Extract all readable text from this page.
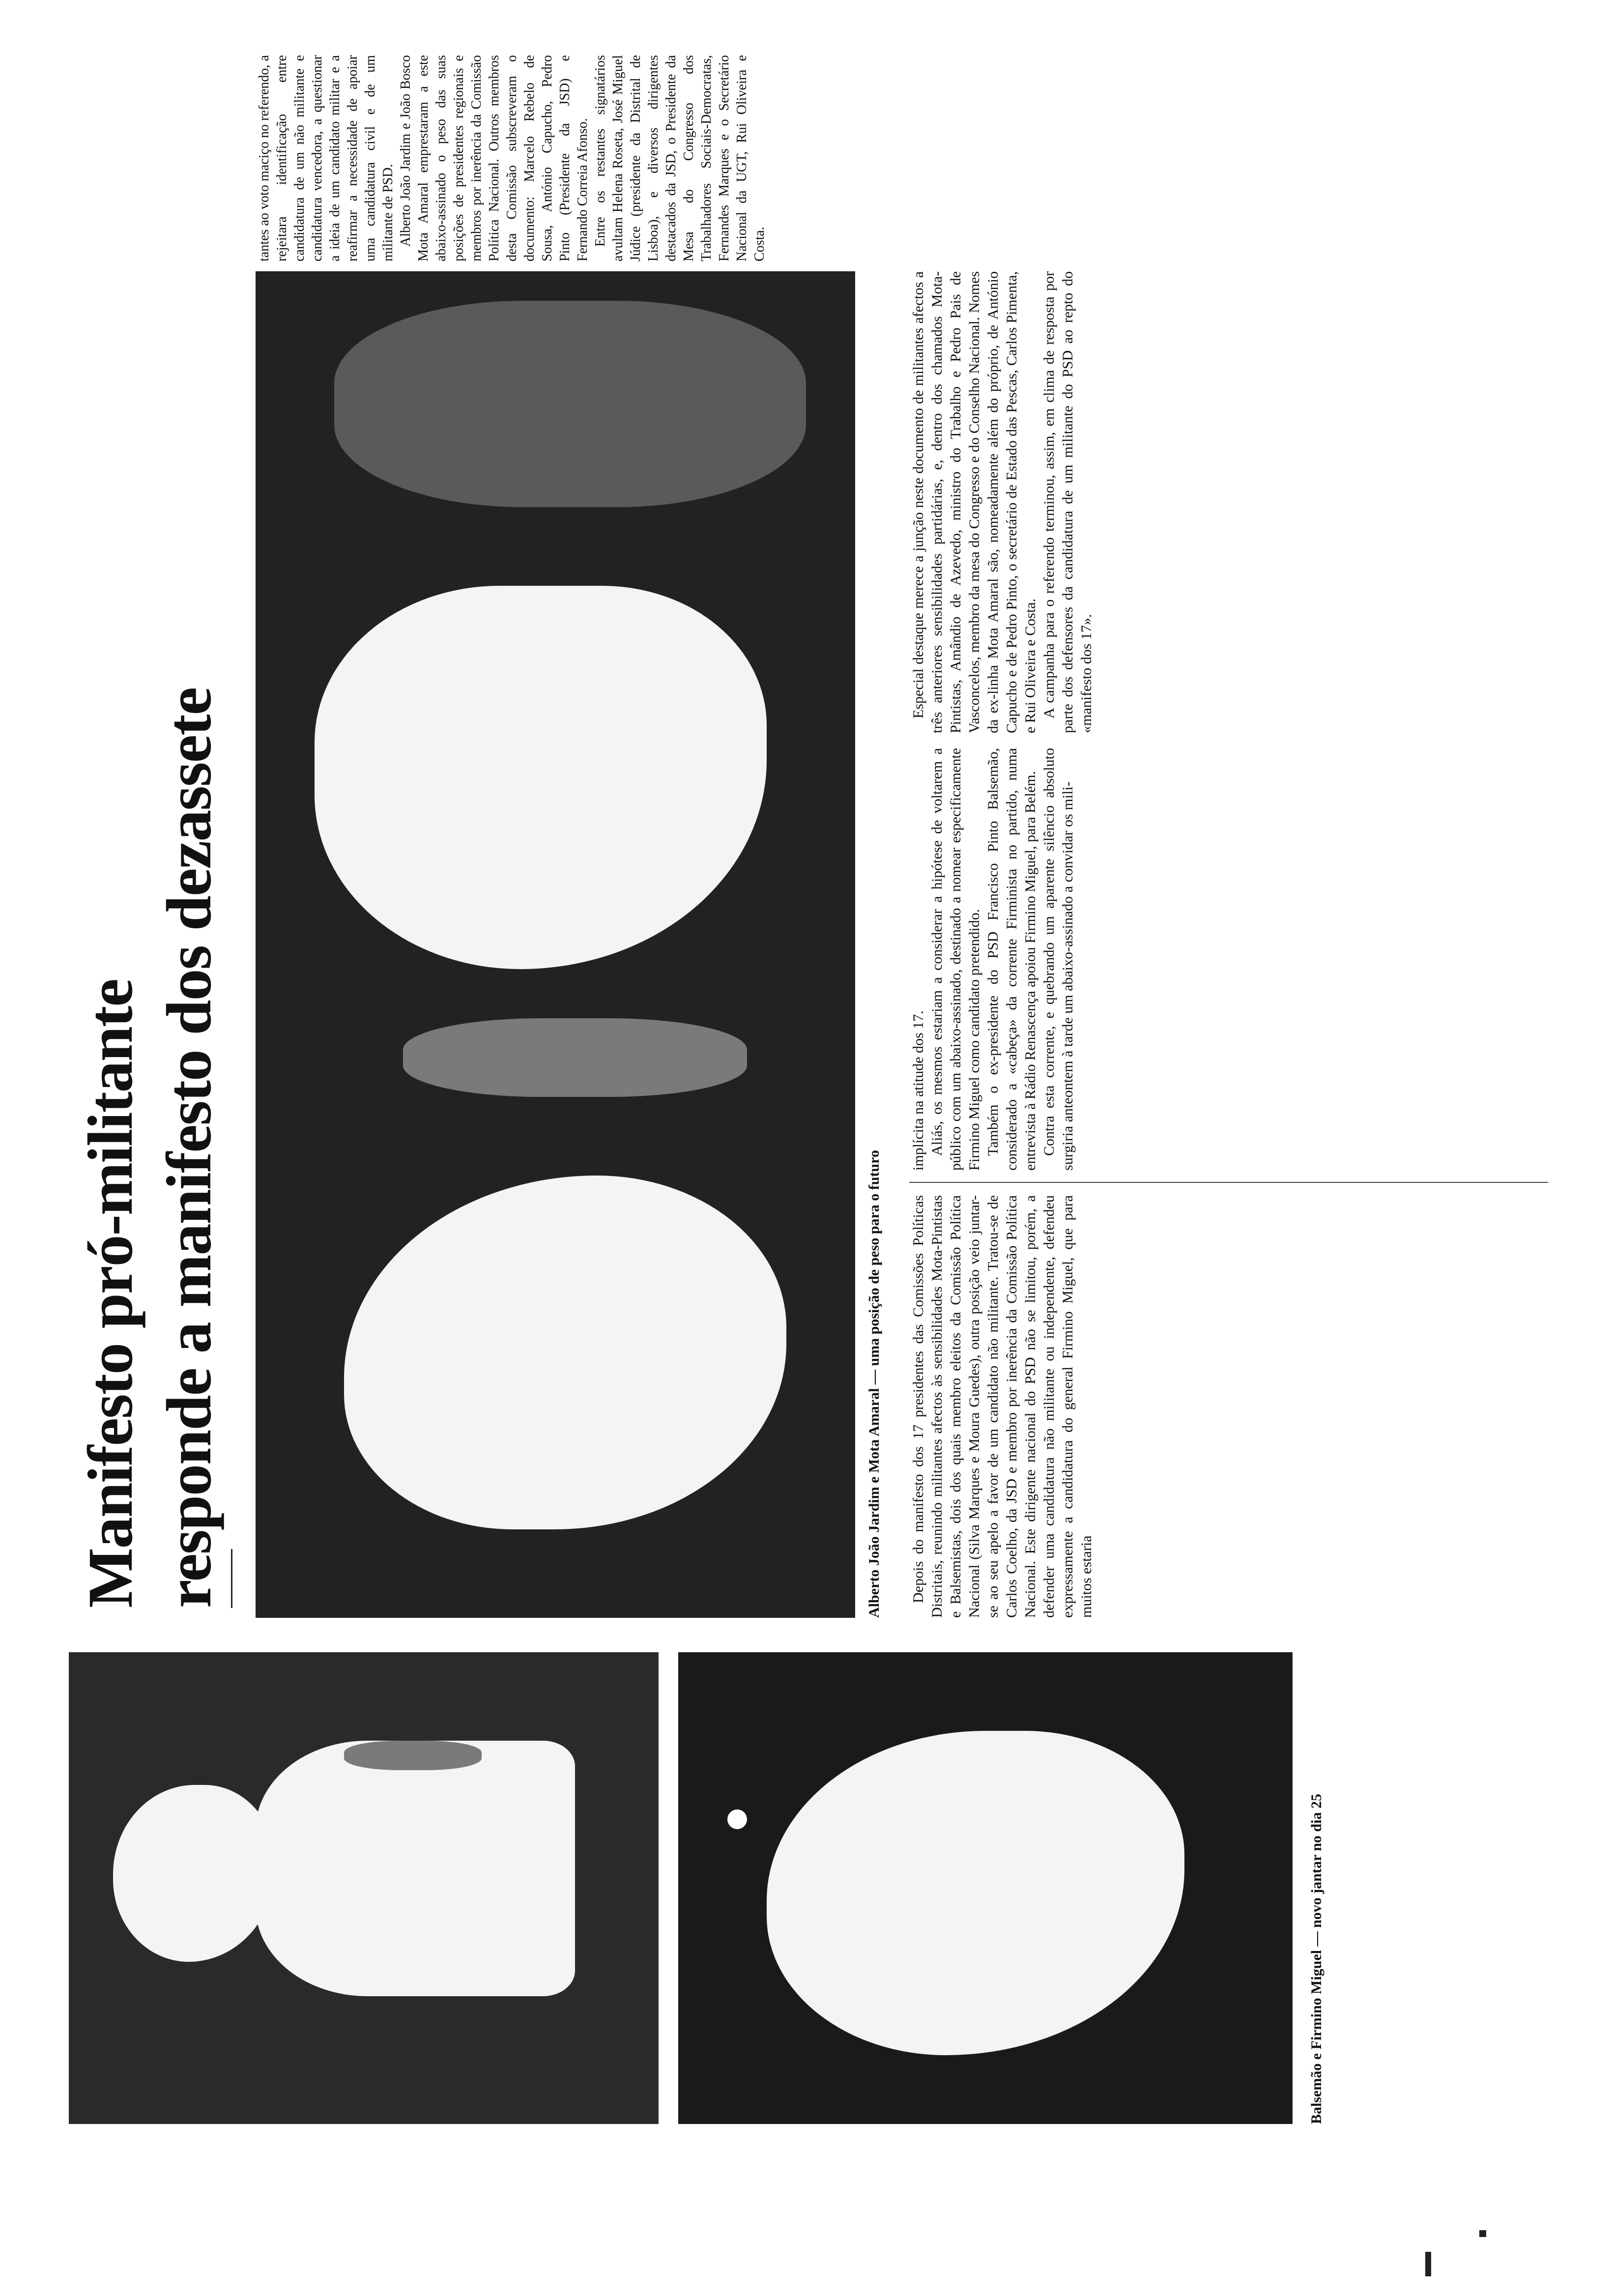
Balsemão e Firmino Miguel — novo jantar no dia 25
Manifesto pró-militante responde a manifesto dos dezassete	Alberto João Jardim e Mota Amaral — uma posição de peso para o futuro Depois do manifesto dos 17 presidentes das Comissões Políticas Distritais, reunindo militantes afectos às sensibilidades Mota-Pintistas e Balsemistas, dois dos quais membro eleitos da Comissão Política Nacional (Silva Marques e Moura Guedes), outra posição veio juntar-se ao seu apelo a favor de um candidato não militante. Tratou-se de Carlos Coelho, da JSD e membro por inerência da Comissão Política Nacional. Este dirigente nacional do PSD não se limitou, porém, a defender uma candidatura não militante ou independente, defendeu expressamente a candidatura do general Firmino Miguel, que para muitos estaria

implícita na atitude dos 17. Aliás, os mesmos estariam a considerar a hipótese de voltarem a público com um abaixo-assinado, destinado a nomear especificamente Firmino Miguel como candidato pretendido. Também o ex-presidente do PSD Francisco Pinto Balsemão, considerado a «cabeça» da corrente Firminista no partido, numa entrevista à Rádio Renascença apoiou Firmino Miguel, para Belém. Contra esta corrente, e quebrando um aparente silêncio absoluto surgiria anteontem à tarde um abaixo-assinado a convidar os mili-

tantes ao voto maciço no referendo, a rejeitara identificação entre candidatura de um não militante e candidatura vencedora, a questionar a ideia de um candidato militar e a reafirmar a necessidade de apoiar uma candidatura civil e de um militante de PSD. Alberto João Jardim e João Bosco Mota Amaral emprestaram a este abaixo-assinado o peso das suas posições de presidentes regionais e membros por inerência da Comissão Política Nacional. Outros membros desta Comissão subscreveram o documento: Marcelo Rebelo de Sousa, António Capucho, Pedro Pinto (Presidente da JSD) e Fernando Correia Afonso. Entre os restantes signatários avultam Helena Roseta, José Miguel Júdice (presidente da Distrital de Lisboa), e diversos dirigentes destacados da JSD, o Presidente da Mesa do Congresso dos Trabalhadores Sociais-Democratas, Fernandes Marques e o Secretário Nacional da UGT, Rui Oliveira e Costa.

Especial destaque merece a junção neste documento de militantes afectos a três anteriores sensibilidades partidárias, e, dentro dos chamados Mota-Pintistas, Amândio de Azevedo, ministro do Trabalho e Pedro Pais de Vasconcelos, membro da mesa do Congresso e do Conselho Nacional. Nomes da ex-linha Mota Amaral são, nomeadamente além do próprio, de António Capucho e de Pedro Pinto, o secretário de Estado das Pescas, Carlos Pimenta, e Rui Oliveira e Costa. A campanha para o referendo terminou, assim, em clima de resposta por parte dos defensores da candidatura de um militante do PSD ao repto do «manifesto dos 17».
